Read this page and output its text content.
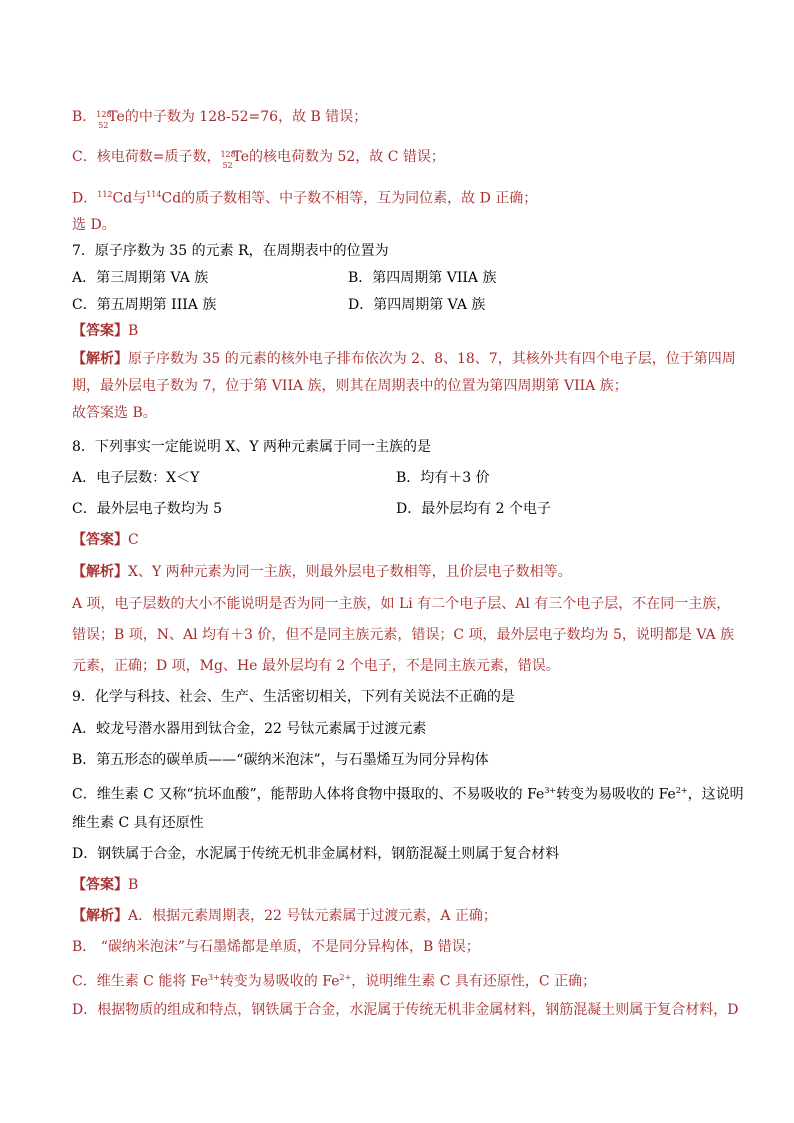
B． 128
52
Te的中子数为 128-52=76，故 B 错误；
C．核电荷数=质子数， 128
52
Te的核电荷数为 52，故 C 错误；
D．$^{112}$Cd与$^{114}$Cd的质子数相等、中子数不相等，互为同位素，故 D 正确；
选 D。
7．原子序数为 35 的元素 R，在周期表中的位置为
A．第三周期第 VA 族	B．第四周期第 VIIA 族
C．第五周期第 IIIA 族	D．第四周期第 VA 族
【答案】B
【解析】原子序数为 35 的元素的核外电子排布依次为 2、8、18、7，其核外共有四个电子层，位于第四周
期，最外层电子数为 7，位于第 VIIA 族，则其在周期表中的位置为第四周期第 VIIA 族；
故答案选 B。
8．下列事实一定能说明 X、Y 两种元素属于同一主族的是
A．电子层数：X＜Y	B．均有＋3 价
C．最外层电子数均为 5	D．最外层均有 2 个电子
【答案】C
【解析】X、Y 两种元素为同一主族，则最外层电子数相等，且价层电子数相等。
A 项，电子层数的大小不能说明是否为同一主族，如 Li 有二个电子层、Al 有三个电子层，不在同一主族，
错误；B 项，N、Al 均有＋3 价，但不是同主族元素，错误；C 项，最外层电子数均为 5，说明都是 VA 族
元素，正确；D 项，Mg、He 最外层均有 2 个电子，不是同主族元素，错误。
9．化学与科技、社会、生产、生活密切相关，下列有关说法不正确的是
A．蛟龙号潜水器用到钛合金，22 号钛元素属于过渡元素
B．第五形态的碳单质——“碳纳米泡沫”，与石墨烯互为同分异构体
C．维生素 C 又称“抗坏血酸”，能帮助人体将食物中摄取的、不易吸收的 $Fe^{3+}$转变为易吸收的 $Fe^{2+}$，这说明
维生素 C 具有还原性
D．钢铁属于合金，水泥属于传统无机非金属材料，钢筋混凝土则属于复合材料
【答案】B
【解析】A．根据元素周期表，22 号钛元素属于过渡元素，A 正确；
B． “碳纳米泡沫”与石墨烯都是单质，不是同分异构体，B 错误；
C．维生素 C 能将 $Fe^{3+}$转变为易吸收的 $Fe^{2+}$，说明维生素 C 具有还原性，C 正确；
D．根据物质的组成和特点，钢铁属于合金，水泥属于传统无机非金属材料，钢筋混凝土则属于复合材料，D
